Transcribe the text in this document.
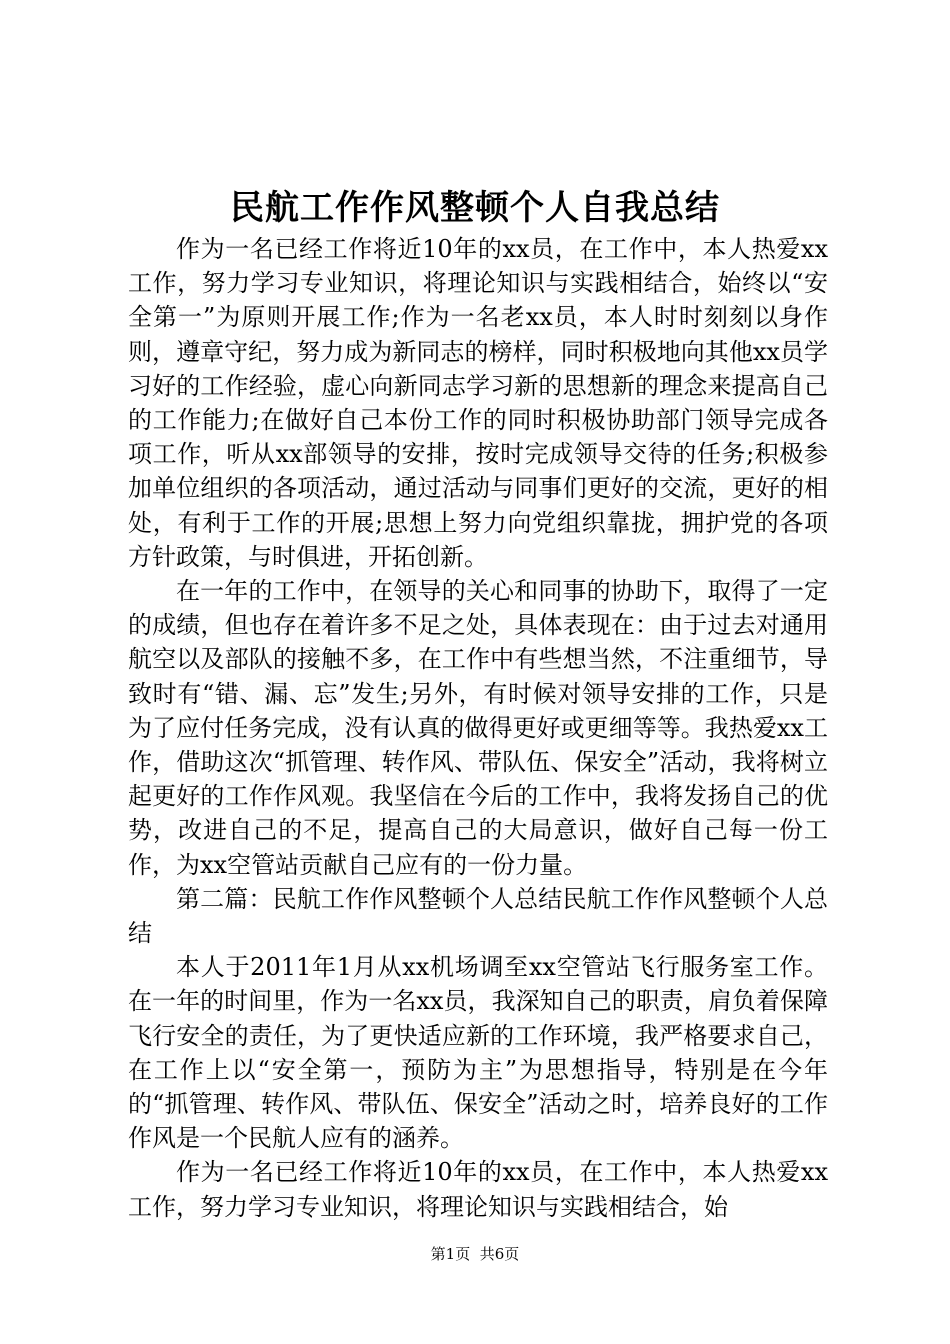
民航工作作风整顿个人自我总结

作为一名已经工作将近10年的xx员，在工作中，本人热爱xx工作，努力学习专业知识，将理论知识与实践相结合，始终以“安全第一”为原则开展工作;作为一名老xx员，本人时时刻刻以身作则，遵章守纪，努力成为新同志的榜样，同时积极地向其他xx员学习好的工作经验，虚心向新同志学习新的思想新的理念来提高自己的工作能力;在做好自己本份工作的同时积极协助部门领导完成各项工作，听从xx部领导的安排，按时完成领导交待的任务;积极参加单位组织的各项活动，通过活动与同事们更好的交流，更好的相处，有利于工作的开展;思想上努力向党组织靠拢，拥护党的各项方针政策，与时俱进，开拓创新。

在一年的工作中，在领导的关心和同事的协助下，取得了一定的成绩，但也存在着许多不足之处，具体表现在：由于过去对通用航空以及部队的接触不多，在工作中有些想当然，不注重细节，导致时有“错、漏、忘”发生;另外，有时候对领导安排的工作，只是为了应付任务完成，没有认真的做得更好或更细等等。我热爱xx工作，借助这次“抓管理、转作风、带队伍、保安全”活动，我将树立起更好的工作作风观。我坚信在今后的工作中，我将发扬自己的优势，改进自己的不足，提高自己的大局意识，做好自己每一份工作，为xx空管站贡献自己应有的一份力量。

第二篇：民航工作作风整顿个人总结民航工作作风整顿个人总结

本人于2011年1月从xx机场调至xx空管站飞行服务室工作。在一年的时间里，作为一名xx员，我深知自己的职责，肩负着保障飞行安全的责任，为了更快适应新的工作环境，我严格要求自己，在工作上以“安全第一，预防为主”为思想指导，特别是在今年的“抓管理、转作风、带队伍、保安全”活动之时，培养良好的工作作风是一个民航人应有的涵养。

作为一名已经工作将近10年的xx员，在工作中，本人热爱xx工作，努力学习专业知识，将理论知识与实践相结合，始

第1页 共6页
